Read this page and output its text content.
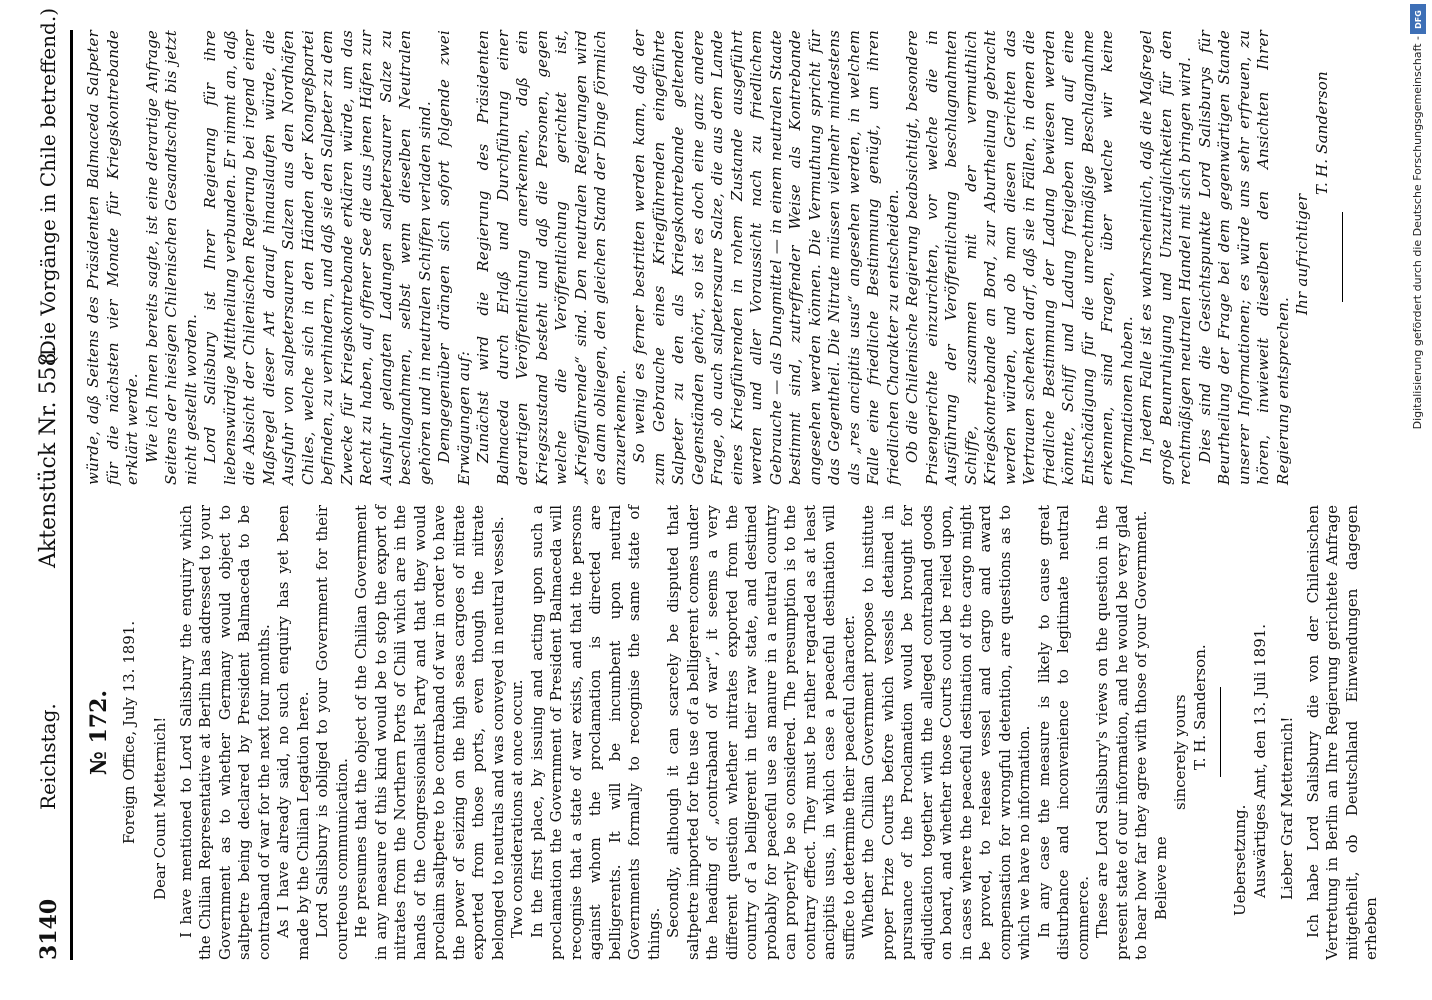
3140
Reichstag.
Aktenstück Nr. 558.
(Die Vorgänge in Chile betreffend.)
№ 172. Foreign Office, July 13. 1891. Dear Count Metternich! I have mentioned to Lord Salisbury the enquiry which the Chilian Representative at Berlin has addressed to your Government as to whether Germany would object to saltpetre being declared by President Balmaceda to be contraband of war for the next four months. As I have already said, no such enquiry has yet been made by the Chilian Legation here. Lord Salisbury is obliged to your Government for their courteous communication. He presumes that the object of the Chilian Government in any measure of this kind would be to stop the export of nitrates from the Northern Ports of Chili which are in the hands of the Congressionalist Party and that they would proclaim saltpetre to be contraband of war in order to have the power of seizing on the high seas cargoes of nitrate exported from those ports, even though the nitrate belonged to neutrals and was conveyed in neutral vessels. Two considerations at once occur. In the first place, by issuing and acting upon such a proclamation the Government of President Balmaceda will recognise that a state of war exists, and that the persons against whom the proclamation is directed are belligerents. It will be incumbent upon neutral Governments formally to recognise the same state of things. Secondly, although it can scarcely be disputed that saltpetre imported for the use of a belligerent comes under the heading of „contraband of war“, it seems a very different question whether nitrates exported from the country of a belligerent in their raw state, and destined probably for peaceful use as manure in a neutral country can properly be so considered. The presumption is to the contrary effect. They must be rather regarded as at least ancipitis usus, in which case a peaceful destination will suffice to determine their peaceful character. Whether the Chilian Government propose to institute proper Prize Courts before which vessels detained in pursuance of the Proclamation would be brought for adjudication together with the alleged contraband goods on board, and whether those Courts could be relied upon, in cases where the peaceful destination of the cargo might be proved, to release vessel and cargo and award compensation for wrongful detention, are questions as to which we have no information. In any case the measure is likely to cause great disturbance and inconvenience to legitimate neutral commerce. These are Lord Salisbury's views on the question in the present state of our information, and he would be very glad to hear how far they agree with those of your Government. Believe me
sincerely yours T. H. Sanderson.

Uebersetzung. Auswärtiges Amt, den 13. Juli 1891. Lieber Graf Metternich! Ich habe Lord Salisbury die von der Chilenischen Vertretung in Berlin an Ihre Regierung gerichtete Anfrage mitgetheilt, ob Deutschland Einwendungen dagegen erheben

würde, daß Seitens des Präsidenten Balmaceda Salpeter für die nächsten vier Monate für Kriegskontrebande erklärt werde. Wie ich Ihnen bereits sagte, ist eine derartige Anfrage Seitens der hiesigen Chilenischen Gesandtschaft bis jetzt nicht gestellt worden. Lord Salisbury ist Ihrer Regierung für ihre liebenswürdige Mittheilung verbunden. Er nimmt an, daß die Absicht der Chilenischen Regierung bei irgend einer Maßregel dieser Art darauf hinauslaufen würde, die Ausfuhr von salpetersauren Salzen aus den Nordhäfen Chiles, welche sich in den Händen der Kongreßpartei befinden, zu verhindern, und daß sie den Salpeter zu dem Zwecke für Kriegskontrebande erklären würde, um das Recht zu haben, auf offener See die aus jenen Häfen zur Ausfuhr gelangten Ladungen salpetersaurer Salze zu beschlagnahmen, selbst wenn dieselben Neutralen gehören und in neutralen Schiffen verladen sind. Demgegenüber drängen sich sofort folgende zwei Erwägungen auf: Zunächst wird die Regierung des Präsidenten Balmaceda durch Erlaß und Durchführung einer derartigen Veröffentlichung anerkennen, daß ein Kriegszustand besteht und daß die Personen, gegen welche die Veröffentlichung gerichtet ist, „Kriegführende“ sind. Den neutralen Regierungen wird es dann obliegen, den gleichen Stand der Dinge förmlich anzuerkennen. So wenig es ferner bestritten werden kann, daß der zum Gebrauche eines Kriegführenden eingeführte Salpeter zu den als Kriegskontrebande geltenden Gegenständen gehört, so ist es doch eine ganz andere Frage, ob auch salpetersaure Salze, die aus dem Lande eines Kriegführenden in rohem Zustande ausgeführt werden und aller Voraussicht nach zu friedlichem Gebrauche — als Dungmittel — in einem neutralen Staate bestimmt sind, zutreffender Weise als Kontrebande angesehen werden können. Die Vermuthung spricht für das Gegentheil. Die Nitrate müssen vielmehr mindestens als „res ancipitis usus“ angesehen werden, in welchem Falle eine friedliche Bestimmung genügt, um ihren friedlichen Charakter zu entscheiden. Ob die Chilenische Regierung beabsichtigt, besondere Prisengerichte einzurichten, vor welche die in Ausführung der Veröffentlichung beschlagnahmten Schiffe, zusammen mit der vermuthlich Kriegskontrebande an Bord, zur Aburtheilung gebracht werden würden, und ob man diesen Gerichten das Vertrauen schenken darf, daß sie in Fällen, in denen die friedliche Bestimmung der Ladung bewiesen werden könnte, Schiff und Ladung freigeben und auf eine Entschädigung für die unrechtmäßige Beschlagnahme erkennen, sind Fragen, über welche wir keine Informationen haben. In jedem Falle ist es wahrscheinlich, daß die Maßregel große Beunruhigung und Unzuträglichkeiten für den rechtmäßigen neutralen Handel mit sich bringen wird. Dies sind die Gesichtspunkte Lord Salisburys für Beurtheilung der Frage bei dem gegenwärtigen Stande unserer Informationen; es würde uns sehr erfreuen, zu hören, inwieweit dieselben den Ansichten Ihrer Regierung entsprechen.

Ihr aufrichtiger
T. H. Sanderson	Digitalisierung gefördert durch die Deutsche Forschungsgemeinschaft -
DFG
